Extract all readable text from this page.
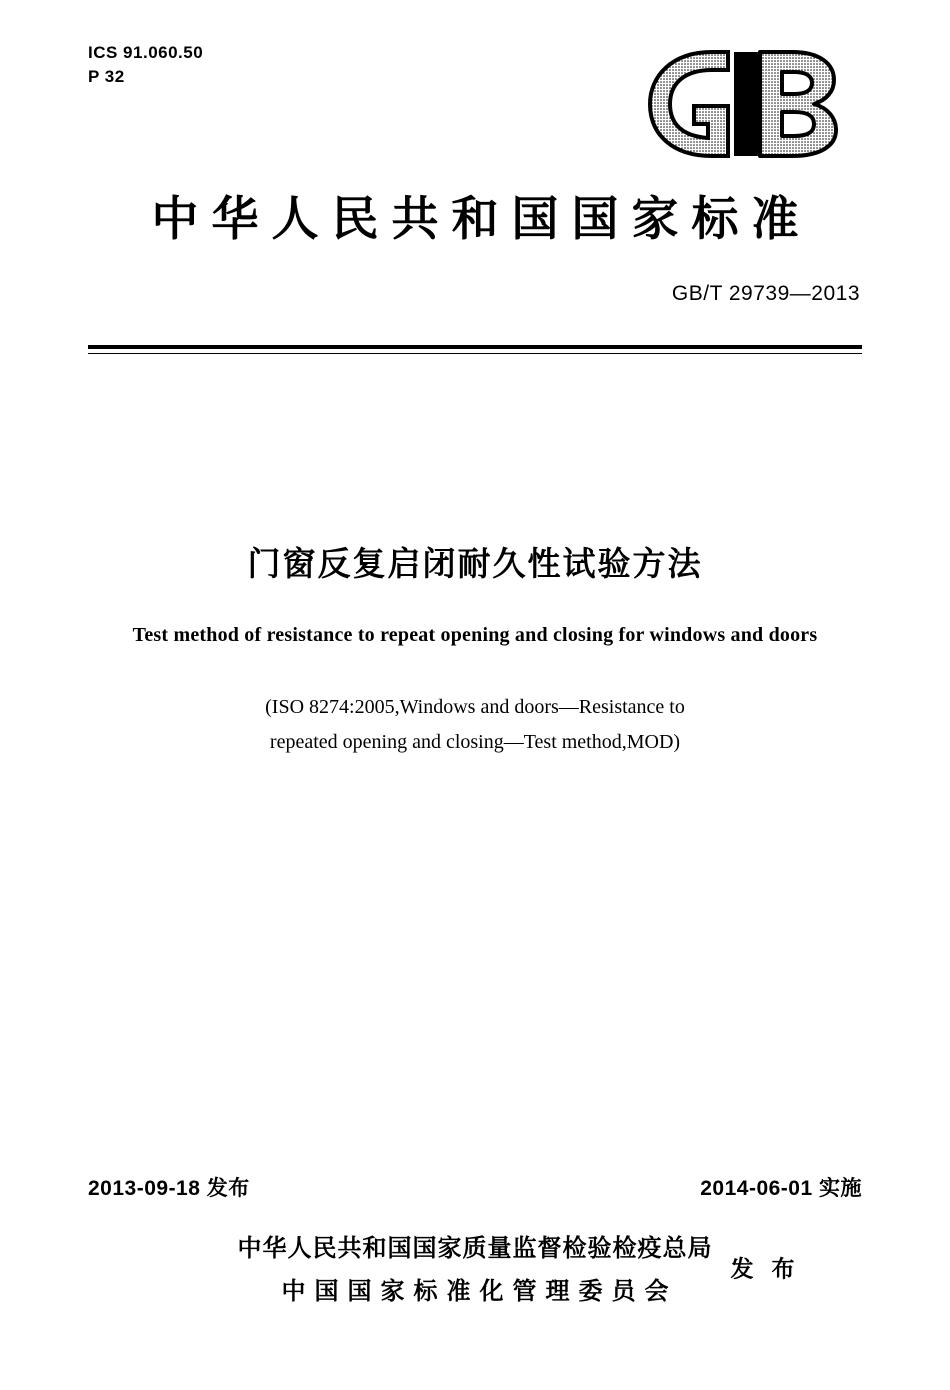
ICS 91.060.50
P 32
中华人民共和国国家标准
GB/T 29739—2013
门窗反复启闭耐久性试验方法
Test method of resistance to repeat opening and closing for windows and doors
(ISO 8274:2005,Windows and doors—Resistance to
repeated opening and closing—Test method,MOD)
2013-09-18 发布	2014-06-01 实施
中华人民共和国国家质量监督检验检疫总局
中国国家标准化管理委员会
发 布
